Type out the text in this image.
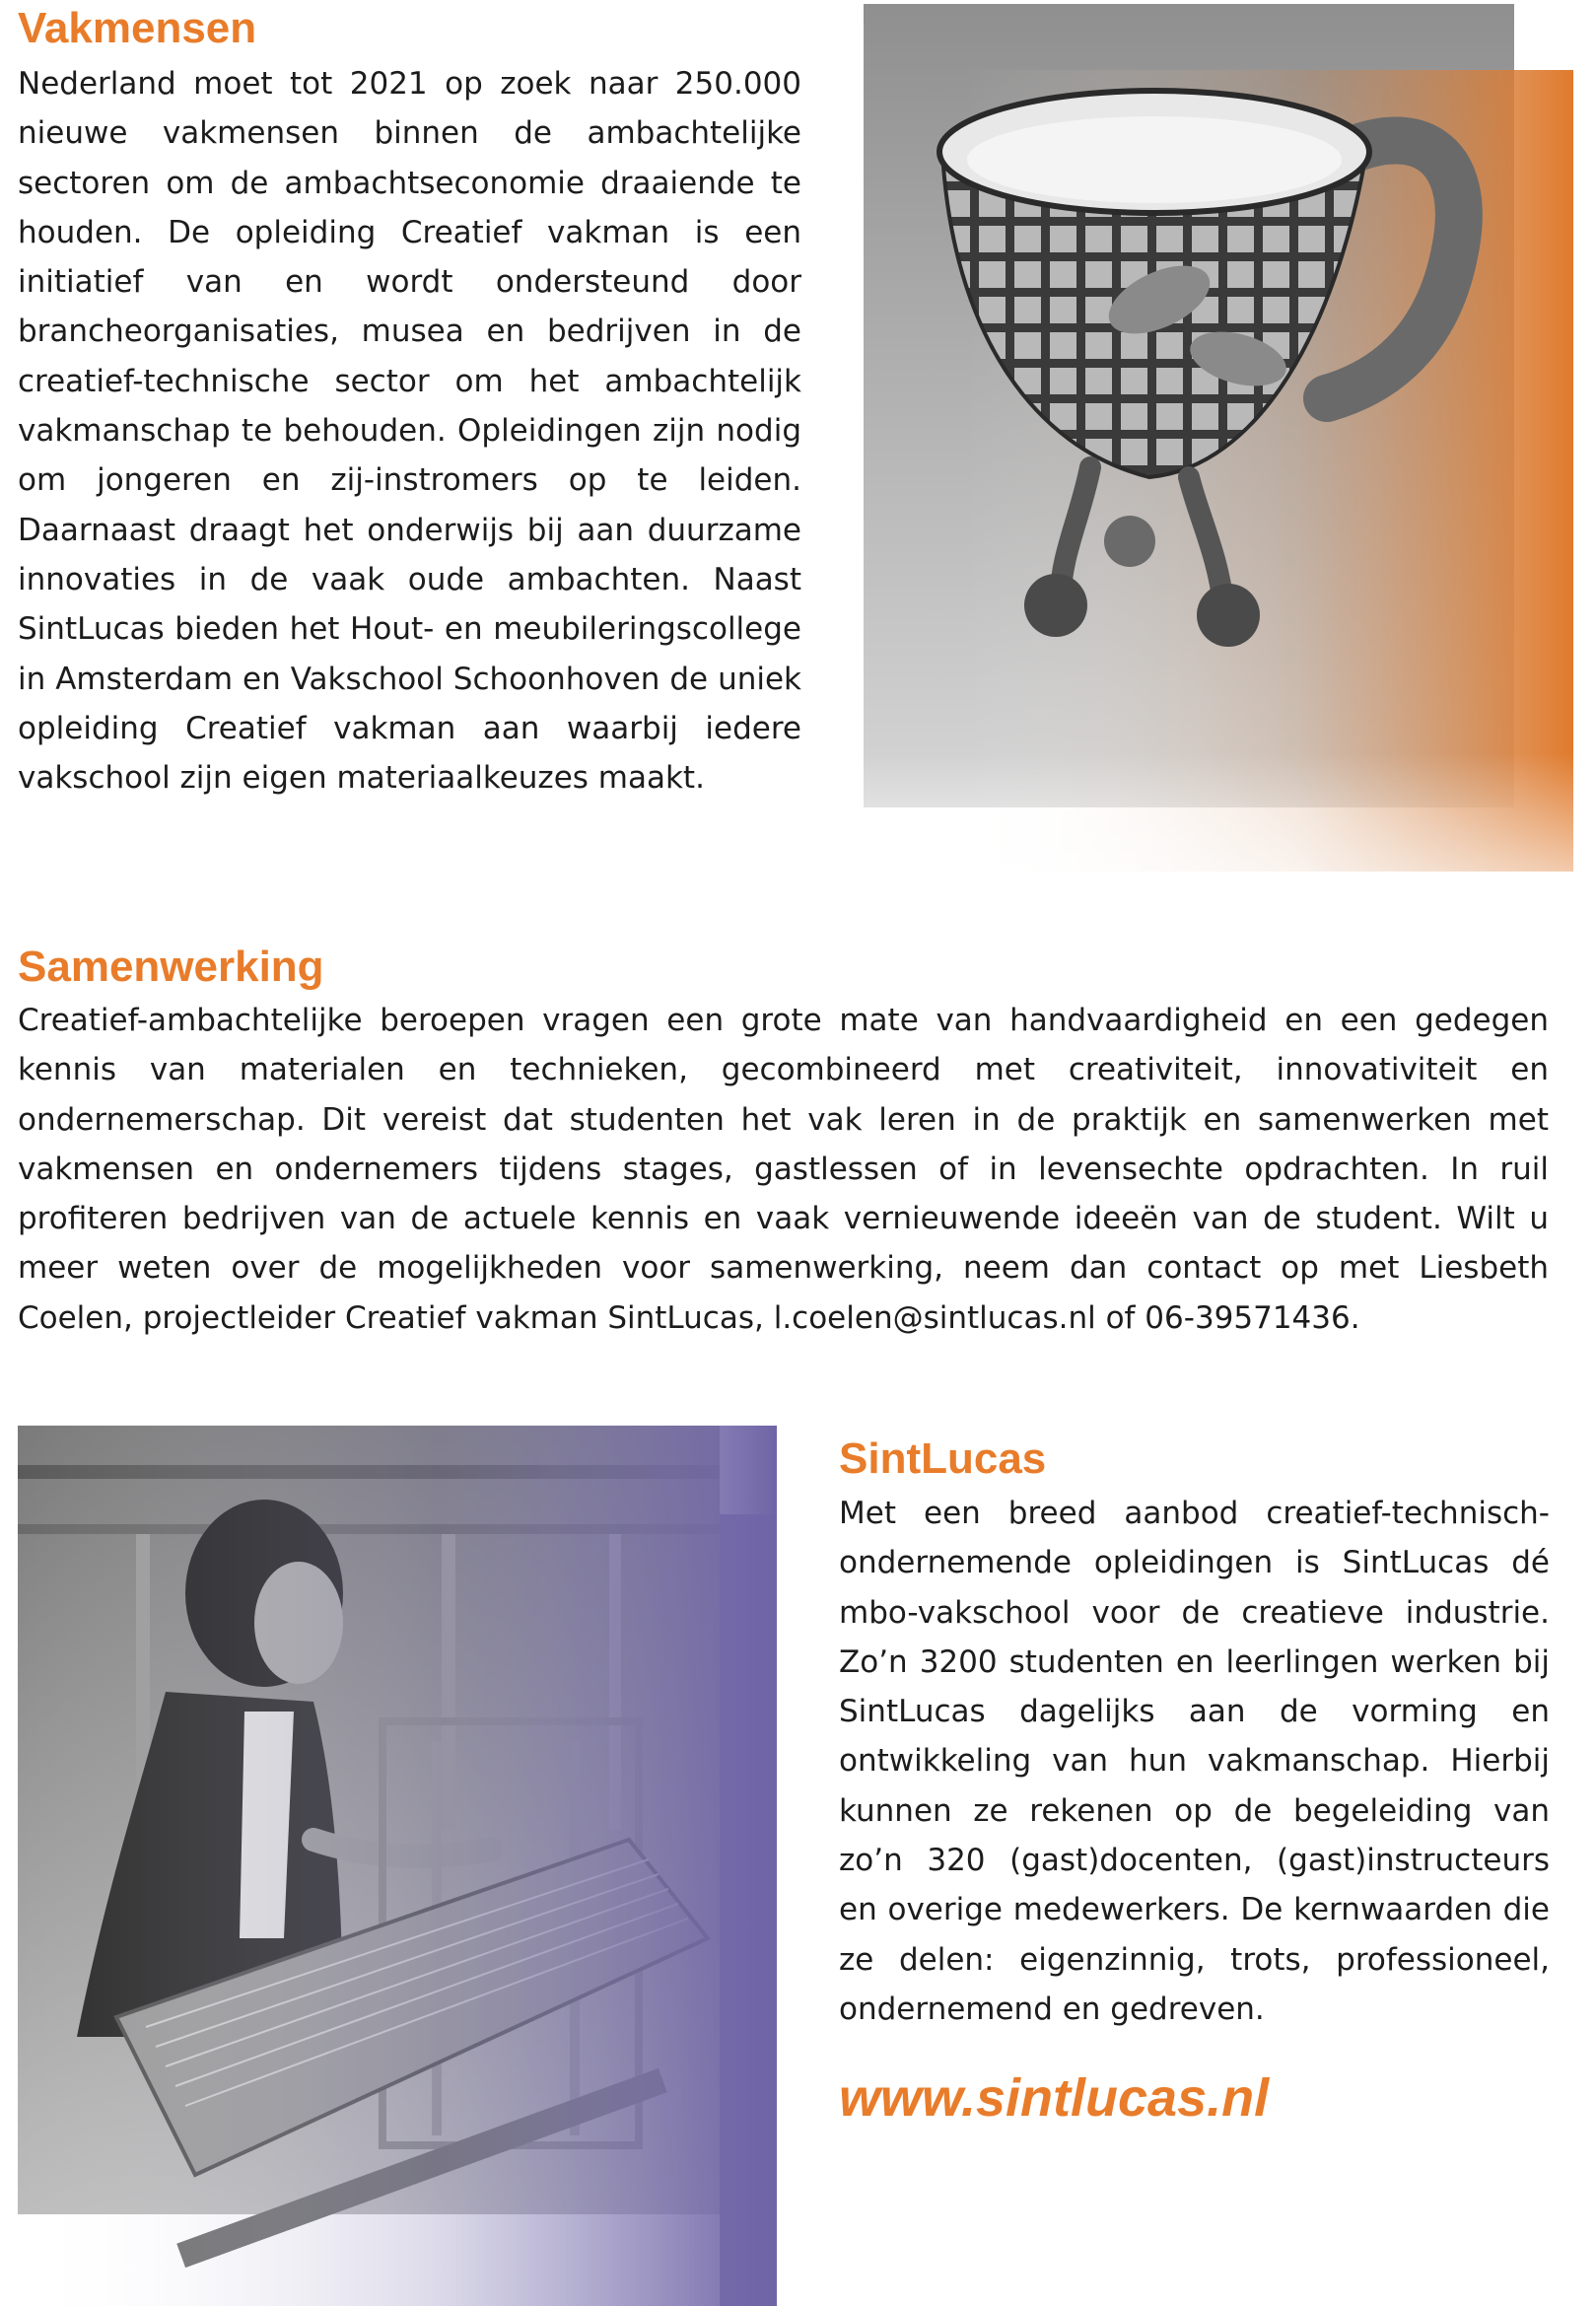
Vakmensen

Nederland moet tot 2021 op zoek naar 250.000 nieuwe vakmensen binnen de ambachtelijke sectoren om de ambachtseconomie draaiende te houden. De opleiding Creatief vakman is een initiatief van en wordt ondersteund door brancheorganisaties, musea en bedrijven in de creatief-technische sector om het ambachtelijk vakmanschap te behouden. Opleidingen zijn nodig om jongeren en zij-instromers op te leiden. Daarnaast draagt het onderwijs bij aan duurzame innovaties in de vaak oude ambachten. Naast SintLucas bieden het Hout- en meubileringscollege in Amsterdam en Vakschool Schoonhoven de uniek opleiding Creatief vakman aan waarbij iedere vakschool zijn eigen materiaalkeuzes maakt.

Samenwerking

Creatief-ambachtelijke beroepen vragen een grote mate van handvaardigheid en een gedegen kennis van materialen en technieken, gecombineerd met creativiteit, innovativiteit en ondernemerschap. Dit vereist dat studenten het vak leren in de praktijk en samenwerken met vakmensen en ondernemers tijdens stages, gastlessen of in levensechte opdrachten. In ruil profiteren bedrijven van de actuele kennis en vaak vernieuwende ideeën van de student. Wilt u meer weten over de mogelijkheden voor samenwerking, neem dan contact op met Liesbeth Coelen, projectleider Creatief vakman SintLucas, l.coelen@sintlucas.nl of 06-39571436.

SintLucas

Met een breed aanbod creatief-technisch-ondernemende opleidingen is SintLucas dé mbo-vakschool voor de creatieve industrie. Zo’n 3200 studenten en leerlingen werken bij SintLucas dagelijks aan de vorming en ontwikkeling van hun vakmanschap. Hierbij kunnen ze rekenen op de begeleiding van zo’n 320 (gast)docenten, (gast)instructeurs en overige medewerkers. De kernwaarden die ze delen: eigenzinnig, trots, professioneel, ondernemend en gedreven.

www.sintlucas.nl
